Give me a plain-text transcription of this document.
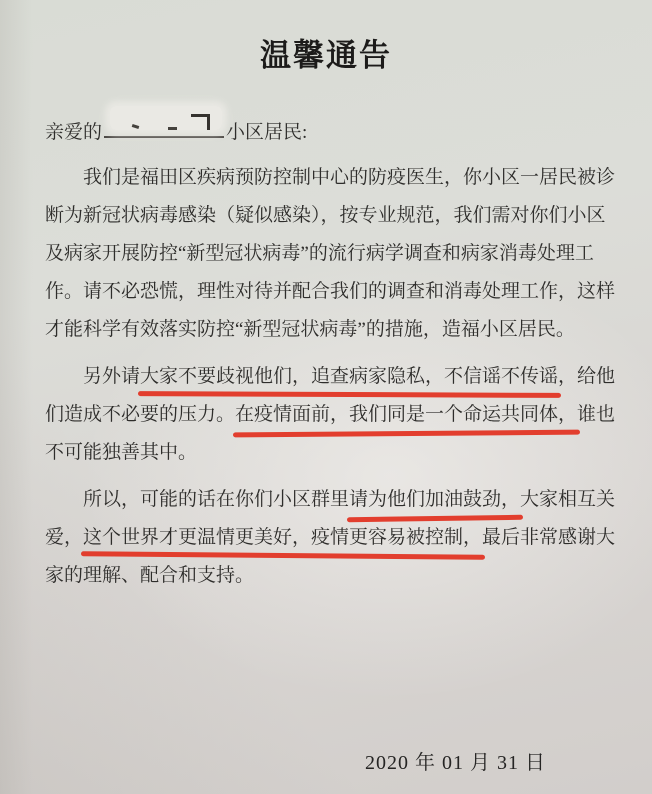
温馨通告
亲爱的	小区居民:
我们是福田区疾病预防控制中心的防疫医生，你小区一居民被诊
断为新冠状病毒感染（疑似感染），按专业规范，我们需对你们小区
及病家开展防控“新型冠状病毒”的流行病学调查和病家消毒处理工
作。请不必恐慌，理性对待并配合我们的调查和消毒处理工作，这样
才能科学有效落实防控“新型冠状病毒”的措施，造福小区居民。
另外请大家不要歧视他们，追查病家隐私，不信谣不传谣，给他
们造成不必要的压力。在疫情面前，我们同是一个命运共同体，谁也
不可能独善其中。
所以，可能的话在你们小区群里请为他们加油鼓劲，大家相互关
爱，这个世界才更温情更美好，疫情更容易被控制，最后非常感谢大
家的理解、配合和支持。
2020 年 01 月 31 日
